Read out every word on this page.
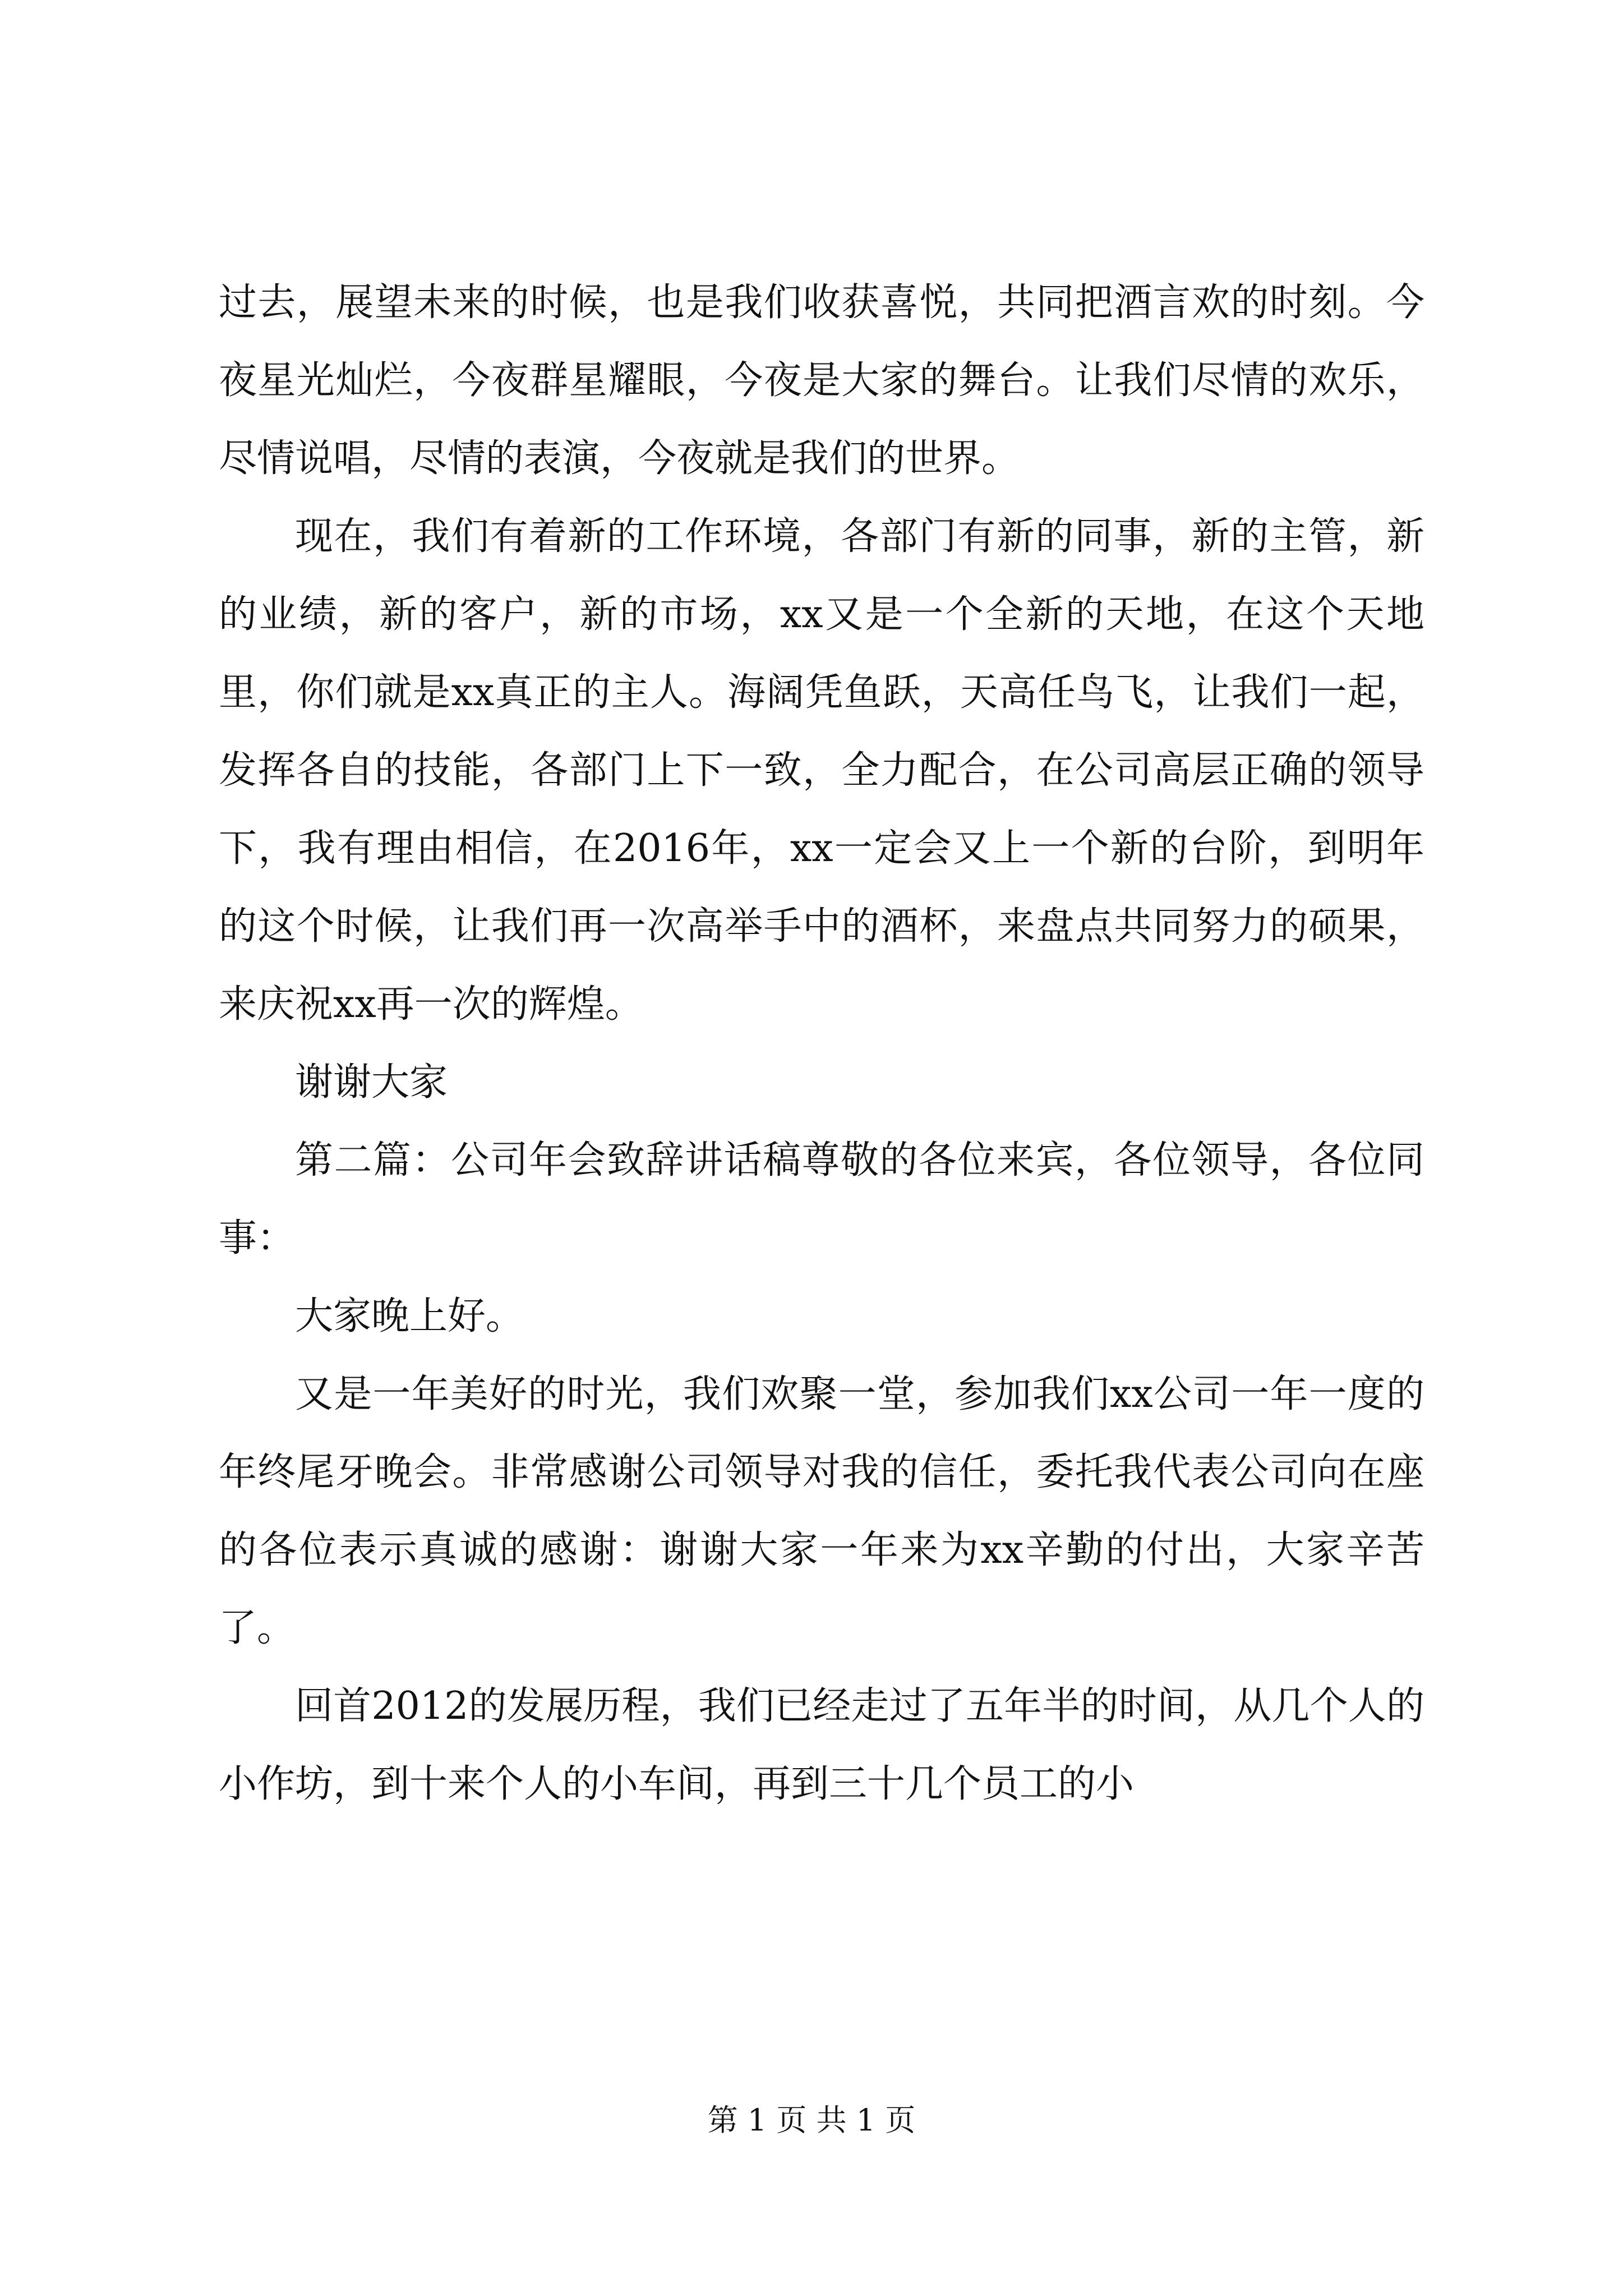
过去，展望未来的时候，也是我们收获喜悦，共同把酒言欢的时刻。今夜星光灿烂，今夜群星耀眼，今夜是大家的舞台。让我们尽情的欢乐，尽情说唱，尽情的表演，今夜就是我们的世界。

现在，我们有着新的工作环境，各部门有新的同事，新的主管，新的业绩，新的客户，新的市场，xx又是一个全新的天地，在这个天地里，你们就是xx真正的主人。海阔凭鱼跃，天高任鸟飞，让我们一起，发挥各自的技能，各部门上下一致，全力配合，在公司高层正确的领导下，我有理由相信，在2016年，xx一定会又上一个新的台阶，到明年的这个时候，让我们再一次高举手中的酒杯，来盘点共同努力的硕果，来庆祝xx再一次的辉煌。

谢谢大家

第二篇：公司年会致辞讲话稿尊敬的各位来宾，各位领导，各位同事：

大家晚上好。

又是一年美好的时光，我们欢聚一堂，参加我们xx公司一年一度的年终尾牙晚会。非常感谢公司领导对我的信任，委托我代表公司向在座的各位表示真诚的感谢：谢谢大家一年来为xx辛勤的付出，大家辛苦了。

回首2012的发展历程，我们已经走过了五年半的时间，从几个人的小作坊，到十来个人的小车间，再到三十几个员工的小

第 1 页 共 1 页
